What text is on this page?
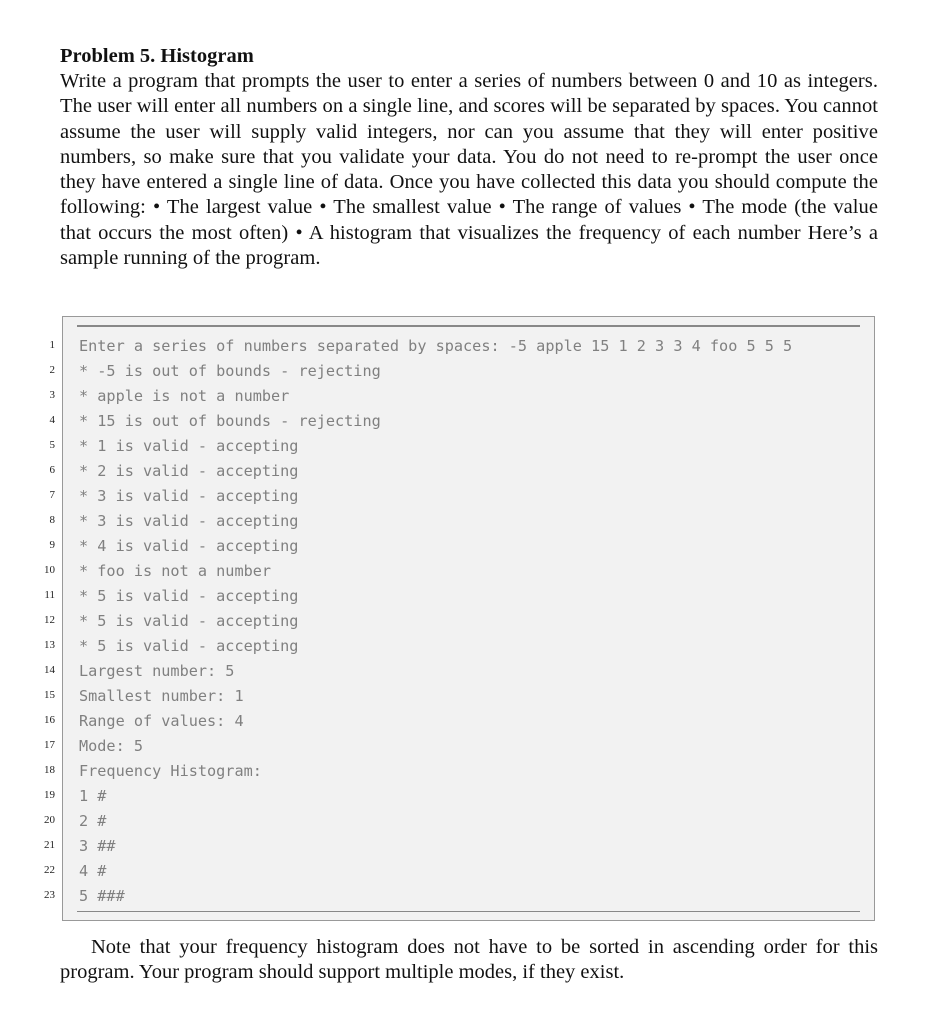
Problem 5. Histogram

Write a program that prompts the user to enter a series of numbers between 0 and 10 as integers. The user will enter all numbers on a single line, and scores will be separated by spaces. You cannot assume the user will supply valid integers, nor can you assume that they will enter positive numbers, so make sure that you validate your data. You do not need to re-prompt the user once they have entered a single line of data. Once you have collected this data you should compute the following: • The largest value • The smallest value • The range of values • The mode (the value that occurs the most often) • A histogram that visualizes the frequency of each number Here’s a sample running of the program.

1
2
3
4
5
6
7
8
9
10
11
12
13
14
15
16
17
18
19
20
21
22
23
Enter a series of numbers separated by spaces: -5 apple 15 1 2 3 3 4 foo 5 5 5
* -5 is out of bounds - rejecting
* apple is not a number
* 15 is out of bounds - rejecting
* 1 is valid - accepting
* 2 is valid - accepting
* 3 is valid - accepting
* 3 is valid - accepting
* 4 is valid - accepting
* foo is not a number
* 5 is valid - accepting
* 5 is valid - accepting
* 5 is valid - accepting
Largest number: 5
Smallest number: 1
Range of values: 4
Mode: 5
Frequency Histogram:
1 #
2 #
3 ##
4 #
5 ###

Note that your frequency histogram does not have to be sorted in ascending order for this program. Your program should support multiple modes, if they exist.
